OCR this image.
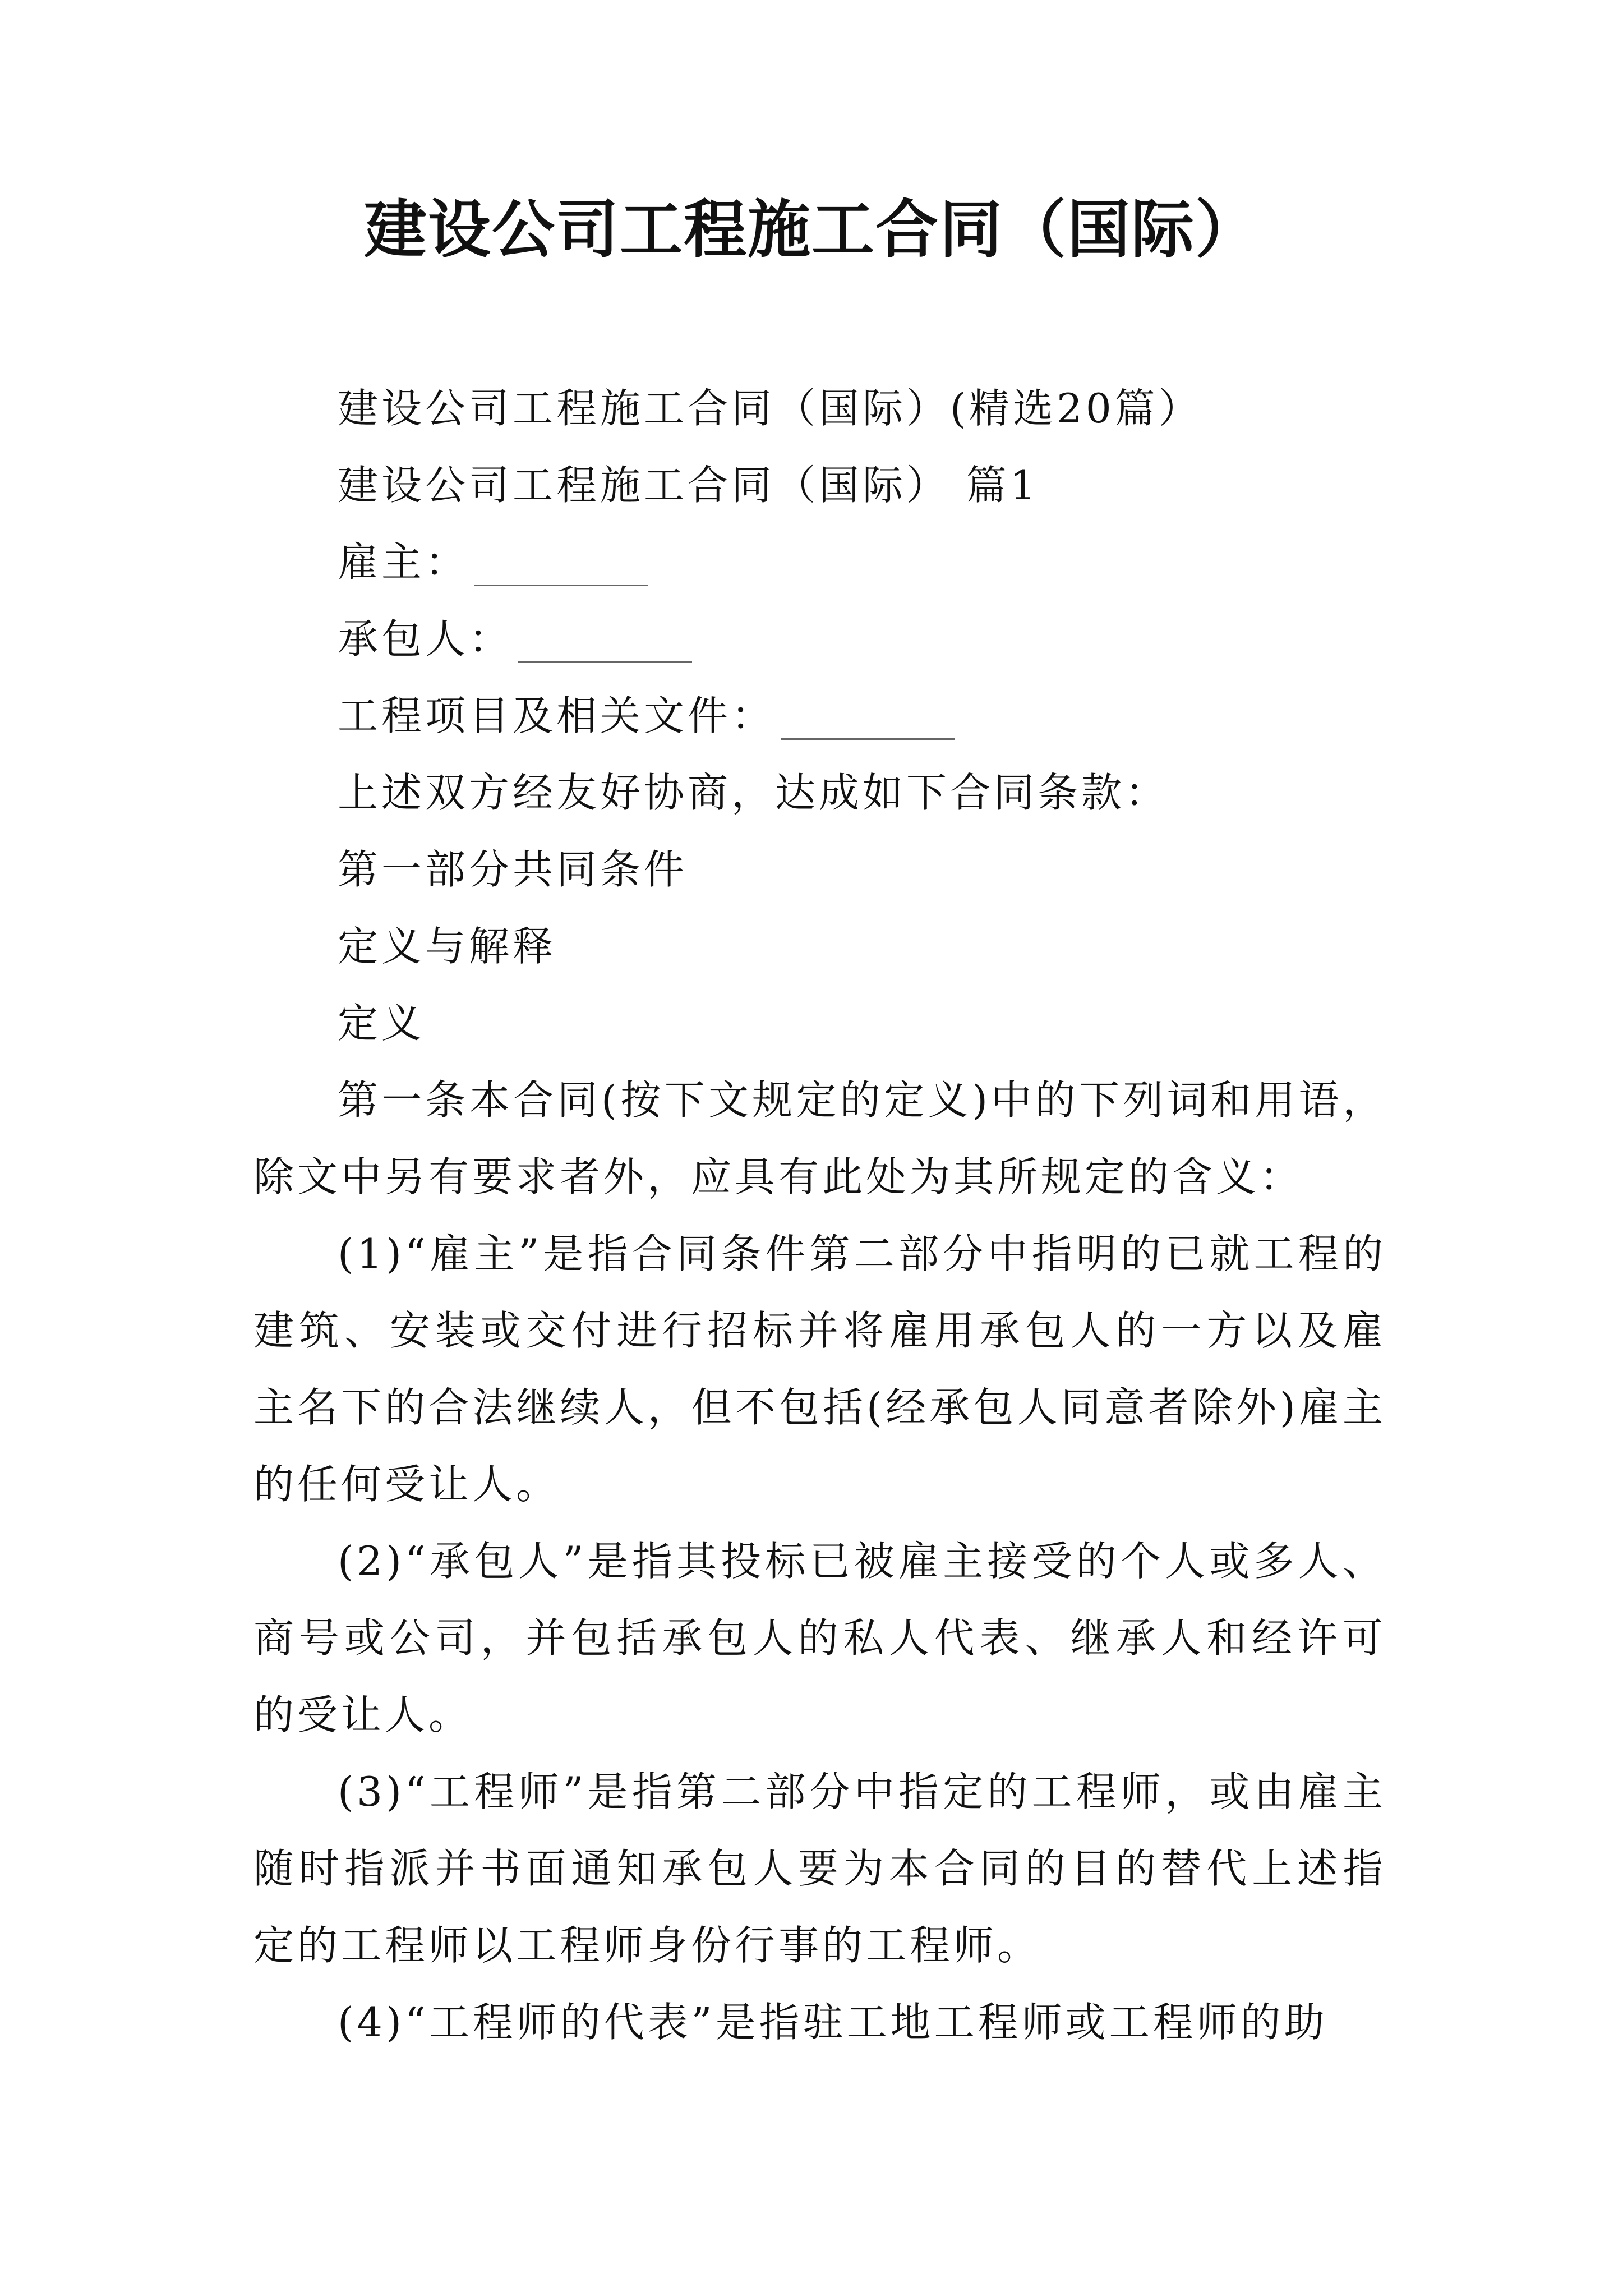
建设公司工程施工合同（国际）

建设公司工程施工合同（国际）(精选20篇）

建设公司工程施工合同（国际） 篇1

雇主：

承包人：

工程项目及相关文件：

上述双方经友好协商，达成如下合同条款：

第一部分共同条件

定义与解释

定义

第一条本合同(按下文规定的定义)中的下列词和用语，除文中另有要求者外，应具有此处为其所规定的含义：

(1)“雇主”是指合同条件第二部分中指明的已就工程的建筑、安装或交付进行招标并将雇用承包人的一方以及雇主名下的合法继续人，但不包括(经承包人同意者除外)雇主的任何受让人。

(2)“承包人”是指其投标已被雇主接受的个人或多人、商号或公司，并包括承包人的私人代表、继承人和经许可的受让人。

(3)“工程师”是指第二部分中指定的工程师，或由雇主随时指派并书面通知承包人要为本合同的目的替代上述指定的工程师以工程师身份行事的工程师。

(4)“工程师的代表”是指驻工地工程师或工程师的助
